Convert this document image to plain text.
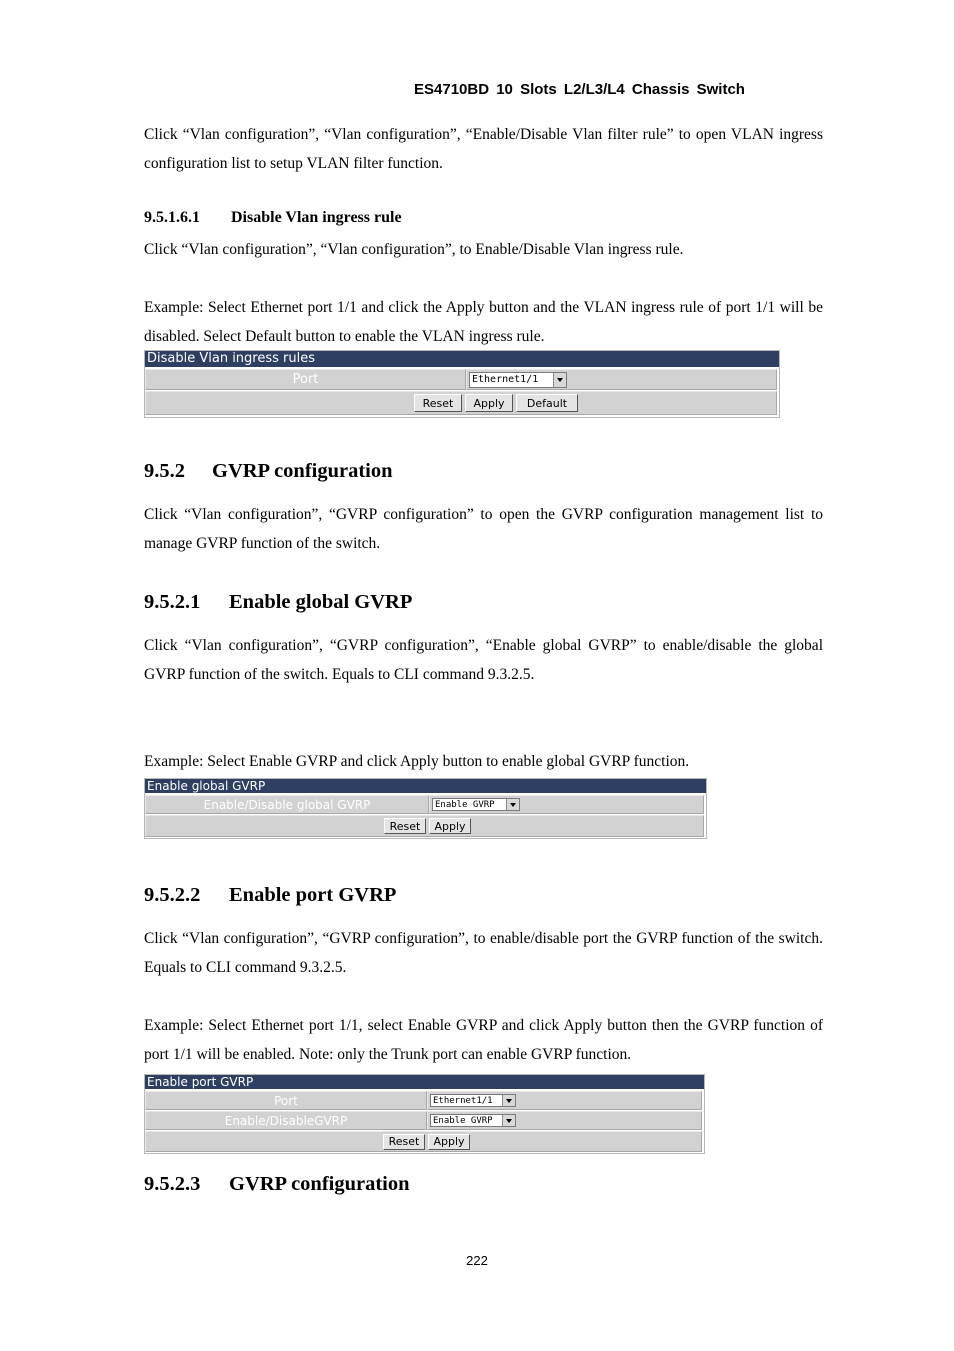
ES4710BD 10 Slots L2/L3/L4 Chassis Switch

Click “Vlan configuration”, “Vlan configuration”, “Enable/Disable Vlan filter rule” to open VLAN ingress configuration list to setup VLAN filter function.

9.5.1.6.1 Disable Vlan ingress rule

Click “Vlan configuration”, “Vlan configuration”, to Enable/Disable Vlan ingress rule.

Example: Select Ethernet port 1/1 and click the Apply button and the VLAN ingress rule of port 1/1 will be disabled. Select Default button to enable the VLAN ingress rule.

Disable Vlan ingress rules
Port	Ethernet1/1
Reset	Apply	Default
9.5.2 GVRP configuration

Click “Vlan configuration”, “GVRP configuration” to open the GVRP configuration management list to manage GVRP function of the switch.

9.5.2.1 Enable global GVRP

Click “Vlan configuration”, “GVRP configuration”, “Enable global GVRP” to enable/disable the global GVRP function of the switch. Equals to CLI command 9.3.2.5.

Example: Select Enable GVRP and click Apply button to enable global GVRP function.

Enable global GVRP
Enable/Disable global GVRP	Enable GVRP
Reset	Apply
9.5.2.2 Enable port GVRP

Click “Vlan configuration”, “GVRP configuration”, to enable/disable port the GVRP function of the switch. Equals to CLI command 9.3.2.5.

Example: Select Ethernet port 1/1, select Enable GVRP and click Apply button then the GVRP function of port 1/1 will be enabled. Note: only the Trunk port can enable GVRP function.

Enable port GVRP
Port	Ethernet1/1
Enable/DisableGVRP	Enable GVRP
Reset	Apply
9.5.2.3 GVRP configuration
222
